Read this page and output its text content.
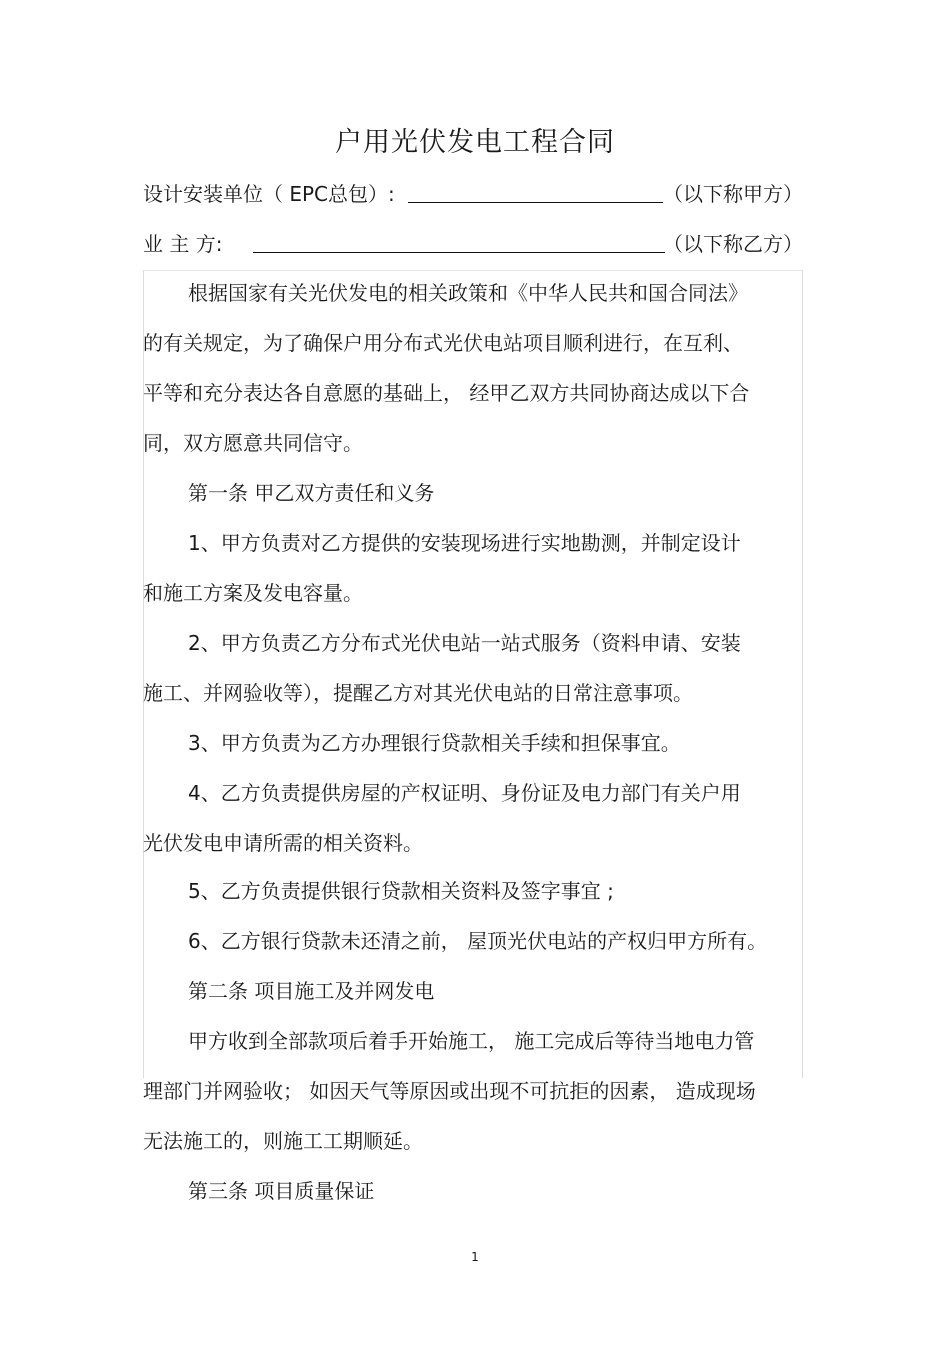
户用光伏发电工程合同
设计安装单位（ EPC总包）:	（以下称甲方）
业 主 方:	（以下称乙方）
根据国家有关光伏发电的相关政策和《中华人民共和国合同法》
的有关规定，为了确保户用分布式光伏电站项目顺利进行，在互利、
平等和充分表达各自意愿的基础上， 经甲乙双方共同协商达成以下合
同，双方愿意共同信守。
第一条 甲乙双方责任和义务
1、甲方负责对乙方提供的安装现场进行实地勘测，并制定设计
和施工方案及发电容量。
2、甲方负责乙方分布式光伏电站一站式服务（资料申请、安装
施工、并网验收等），提醒乙方对其光伏电站的日常注意事项。
3、甲方负责为乙方办理银行贷款相关手续和担保事宜。
4、乙方负责提供房屋的产权证明、身份证及电力部门有关户用
光伏发电申请所需的相关资料。
5、乙方负责提供银行贷款相关资料及签字事宜 ;
6、乙方银行贷款未还清之前， 屋顶光伏电站的产权归甲方所有。
第二条 项目施工及并网发电
甲方收到全部款项后着手开始施工， 施工完成后等待当地电力管
理部门并网验收； 如因天气等原因或出现不可抗拒的因素， 造成现场
无法施工的，则施工工期顺延。
第三条 项目质量保证
1
